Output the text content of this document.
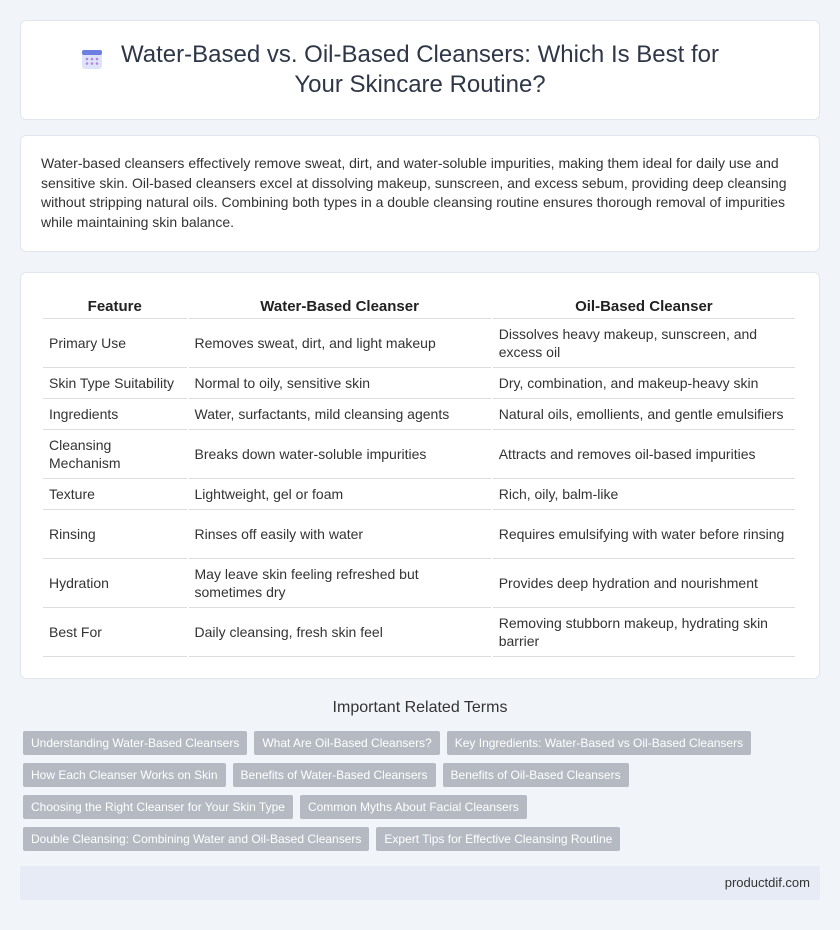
Water-Based vs. Oil-Based Cleansers: Which Is Best for Your Skincare Routine?

Water-based cleansers effectively remove sweat, dirt, and water-soluble impurities, making them ideal for daily use and sensitive skin. Oil-based cleansers excel at dissolving makeup, sunscreen, and excess sebum, providing deep cleansing without stripping natural oils. Combining both types in a double cleansing routine ensures thorough removal of impurities while maintaining skin balance.

Feature	Water-Based Cleanser	Oil-Based Cleanser
Primary Use	Removes sweat, dirt, and light makeup	Dissolves heavy makeup, sunscreen, and excess oil
Skin Type Suitability	Normal to oily, sensitive skin	Dry, combination, and makeup-heavy skin
Ingredients	Water, surfactants, mild cleansing agents	Natural oils, emollients, and gentle emulsifiers
Cleansing Mechanism	Breaks down water-soluble impurities	Attracts and removes oil-based impurities
Texture	Lightweight, gel or foam	Rich, oily, balm-like
Rinsing	Rinses off easily with water	Requires emulsifying with water before rinsing
Hydration	May leave skin feeling refreshed but sometimes dry	Provides deep hydration and nourishment
Best For	Daily cleansing, fresh skin feel	Removing stubborn makeup, hydrating skin barrier
Important Related Terms
Understanding Water-Based Cleansers	What Are Oil-Based Cleansers?	Key Ingredients: Water-Based vs Oil-Based Cleansers
How Each Cleanser Works on Skin	Benefits of Water-Based Cleansers	Benefits of Oil-Based Cleansers
Choosing the Right Cleanser for Your Skin Type	Common Myths About Facial Cleansers
Double Cleansing: Combining Water and Oil-Based Cleansers	Expert Tips for Effective Cleansing Routine
productdif.com
